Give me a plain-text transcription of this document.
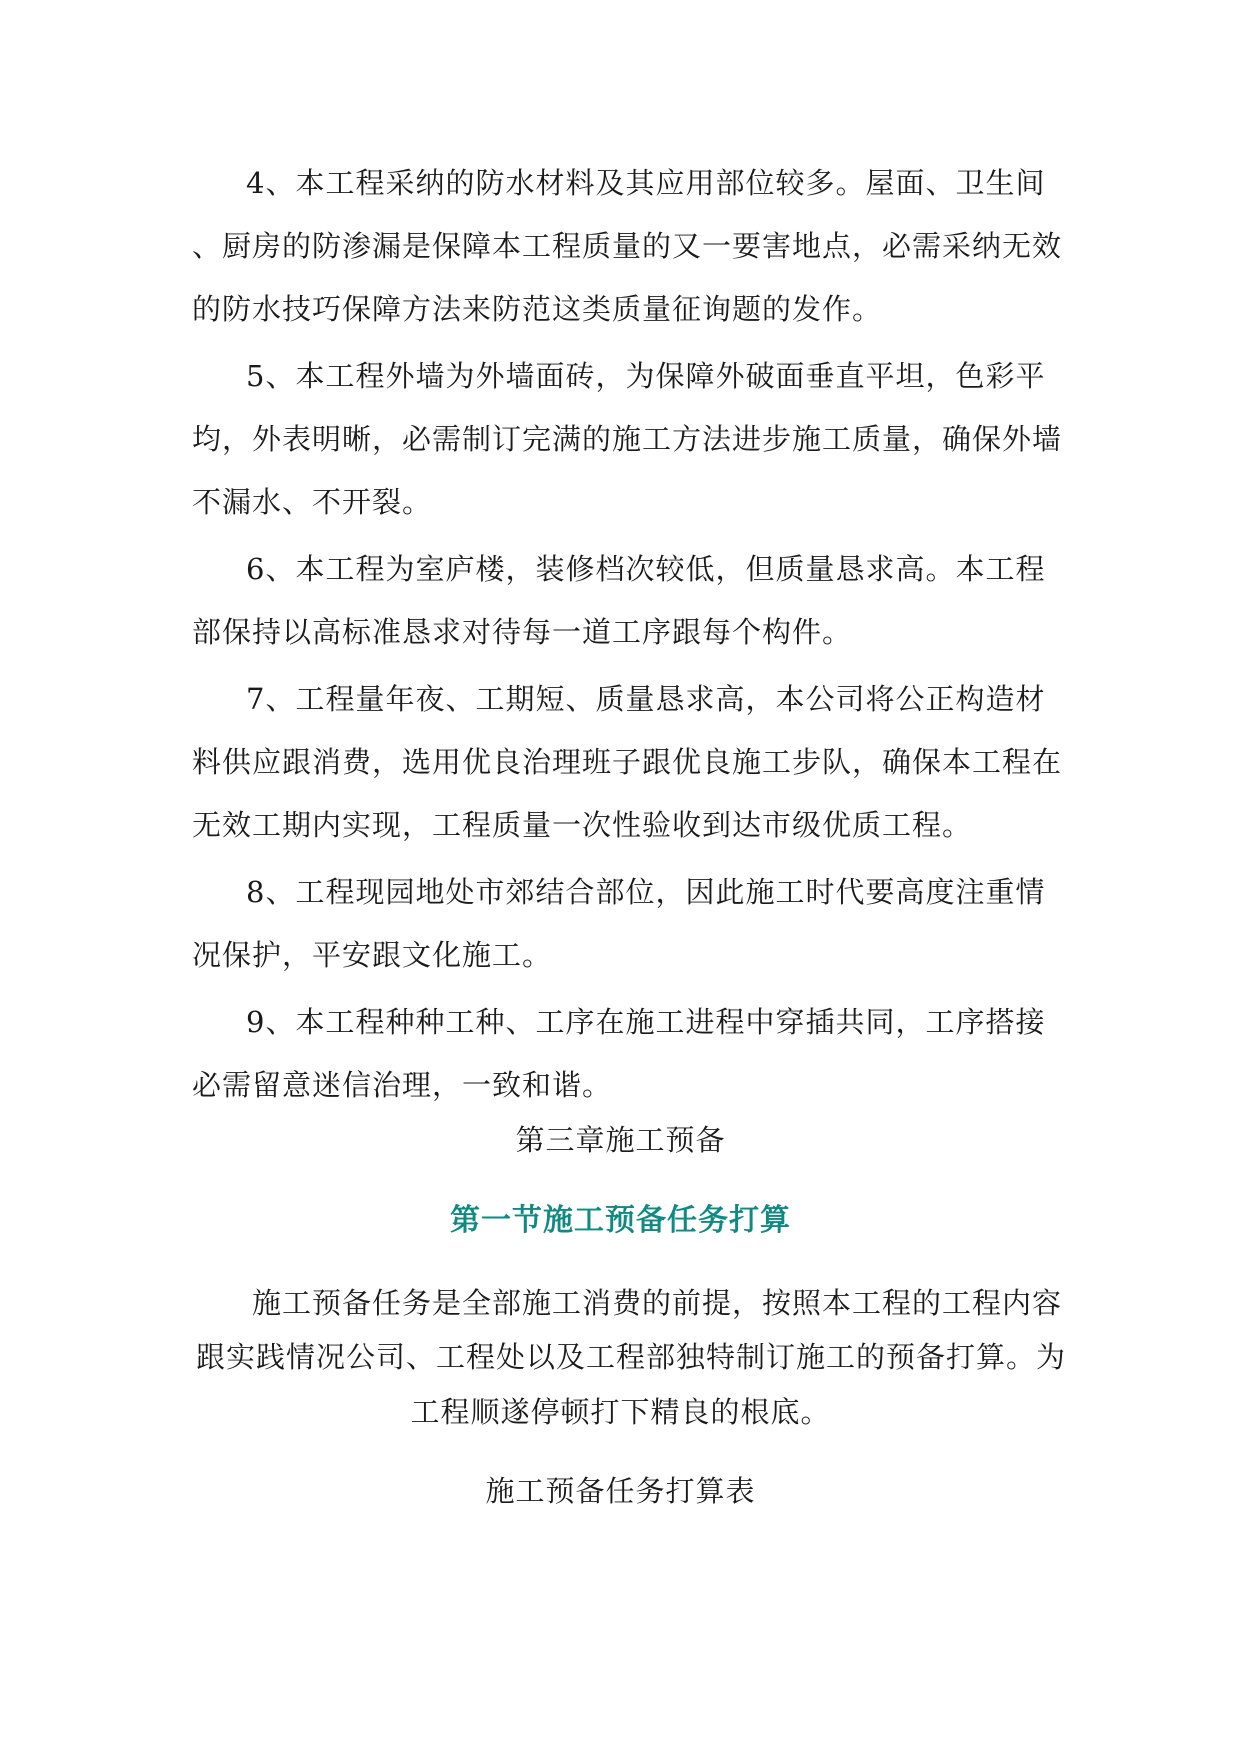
4、本工程采纳的防水材料及其应用部位较多。屋面、卫生间
、厨房的防渗漏是保障本工程质量的又一要害地点，必需采纳无效
的防水技巧保障方法来防范这类质量征询题的发作。
5、本工程外墙为外墙面砖，为保障外破面垂直平坦，色彩平
均，外表明晰，必需制订完满的施工方法进步施工质量，确保外墙
不漏水、不开裂。
6、本工程为室庐楼，装修档次较低，但质量恳求高。本工程
部保持以高标准恳求对待每一道工序跟每个构件。
7、工程量年夜、工期短、质量恳求高，本公司将公正构造材
料供应跟消费，选用优良治理班子跟优良施工步队，确保本工程在
无效工期内实现，工程质量一次性验收到达市级优质工程。
8、工程现园地处市郊结合部位，因此施工时代要高度注重情
况保护，平安跟文化施工。
9、本工程种种工种、工序在施工进程中穿插共同，工序搭接
必需留意迷信治理，一致和谐。
第三章施工预备
第一节施工预备任务打算
施工预备任务是全部施工消费的前提，按照本工程的工程内容
跟实践情况公司、工程处以及工程部独特制订施工的预备打算。为
工程顺遂停顿打下精良的根底。
施工预备任务打算表
